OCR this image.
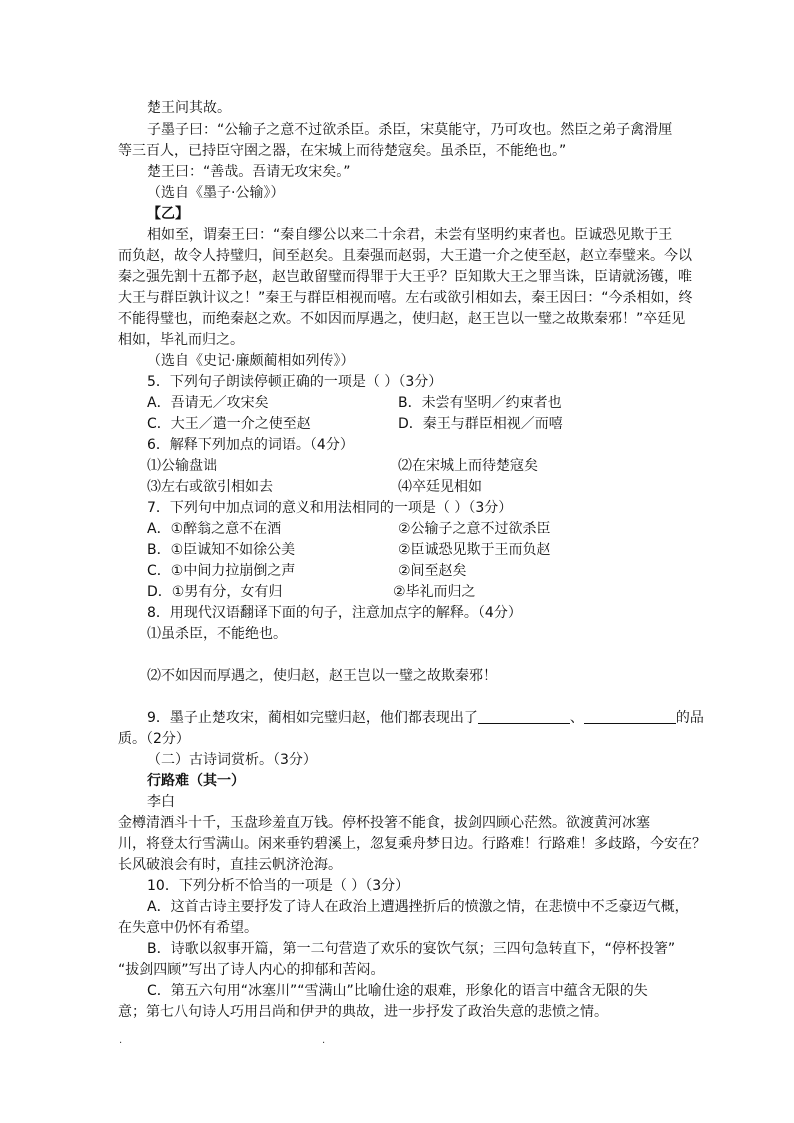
楚王问其故。
子墨子曰：“公输子之意不过欲杀臣。杀臣，宋莫能守，乃可攻也。然臣之弟子禽滑厘
等三百人，已持臣守圉之器，在宋城上而待楚寇矣。虽杀臣，不能绝也。”
楚王曰：“善哉。吾请无攻宋矣。”
（选自《墨子·公输》）
【乙】
相如至，谓秦王曰：“秦自缪公以来二十余君，未尝有坚明约束者也。臣诚恐见欺于王
而负赵，故令人持璧归，间至赵矣。且秦强而赵弱，大王遣一介之使至赵，赵立奉璧来。今以
秦之强先割十五都予赵，赵岂敢留璧而得罪于大王乎？臣知欺大王之罪当诛，臣请就汤镬，唯
大王与群臣孰计议之！”秦王与群臣相视而嘻。左右或欲引相如去，秦王因曰：“今杀相如，终
不能得璧也，而绝秦赵之欢。不如因而厚遇之，使归赵，赵王岂以一璧之故欺秦邪！”卒廷见
相如，毕礼而归之。
（选自《史记·廉颇蔺相如列传》）
5．下列句子朗读停顿正确的一项是（ ）（3分）
A．吾请无／攻宋矣	B．未尝有坚明／约束者也
C．大王／遣一介之使至赵	D．秦王与群臣相视／而嘻
6．解释下列加点的词语。（4分）
⑴公输盘诎	⑵在宋城上而待楚寇矣
⑶左右或欲引相如去	⑷卒廷见相如
7．下列句中加点词的意义和用法相同的一项是（ ）（3分）
A．①醉翁之意不在酒	②公输子之意不过欲杀臣
B．①臣诚知不如徐公美	②臣诚恐见欺于王而负赵
C．①中间力拉崩倒之声	②间至赵矣
D．①男有分，女有归	②毕礼而归之
8．用现代汉语翻译下面的句子，注意加点字的解释。（4分）
⑴虽杀臣，不能绝也。
⑵不如因而厚遇之，使归赵，赵王岂以一璧之故欺秦邪！
9．墨子止楚攻宋，蔺相如完璧归赵，他们都表现出了	、	的品
质。（2分）
（二）古诗词赏析。（3分）
行路难（其一）
李白
金樽清酒斗十千，玉盘珍羞直万钱。停杯投箸不能食，拔剑四顾心茫然。欲渡黄河冰塞
川，将登太行雪满山。闲来垂钓碧溪上，忽复乘舟梦日边。行路难！行路难！多歧路，今安在？
长风破浪会有时，直挂云帆济沧海。
10．下列分析不恰当的一项是（ ）（3分）
A．这首古诗主要抒发了诗人在政治上遭遇挫折后的愤激之情，在悲愤中不乏豪迈气概，
在失意中仍怀有希望。
B．诗歌以叙事开篇，第一二句营造了欢乐的宴饮气氛；三四句急转直下，“停杯投箸”
“拔剑四顾”写出了诗人内心的抑郁和苦闷。
C．第五六句用“冰塞川”“雪满山”比喻仕途的艰难，形象化的语言中蕴含无限的失
意；第七八句诗人巧用吕尚和伊尹的典故，进一步抒发了政治失意的悲愤之情。
.	.
